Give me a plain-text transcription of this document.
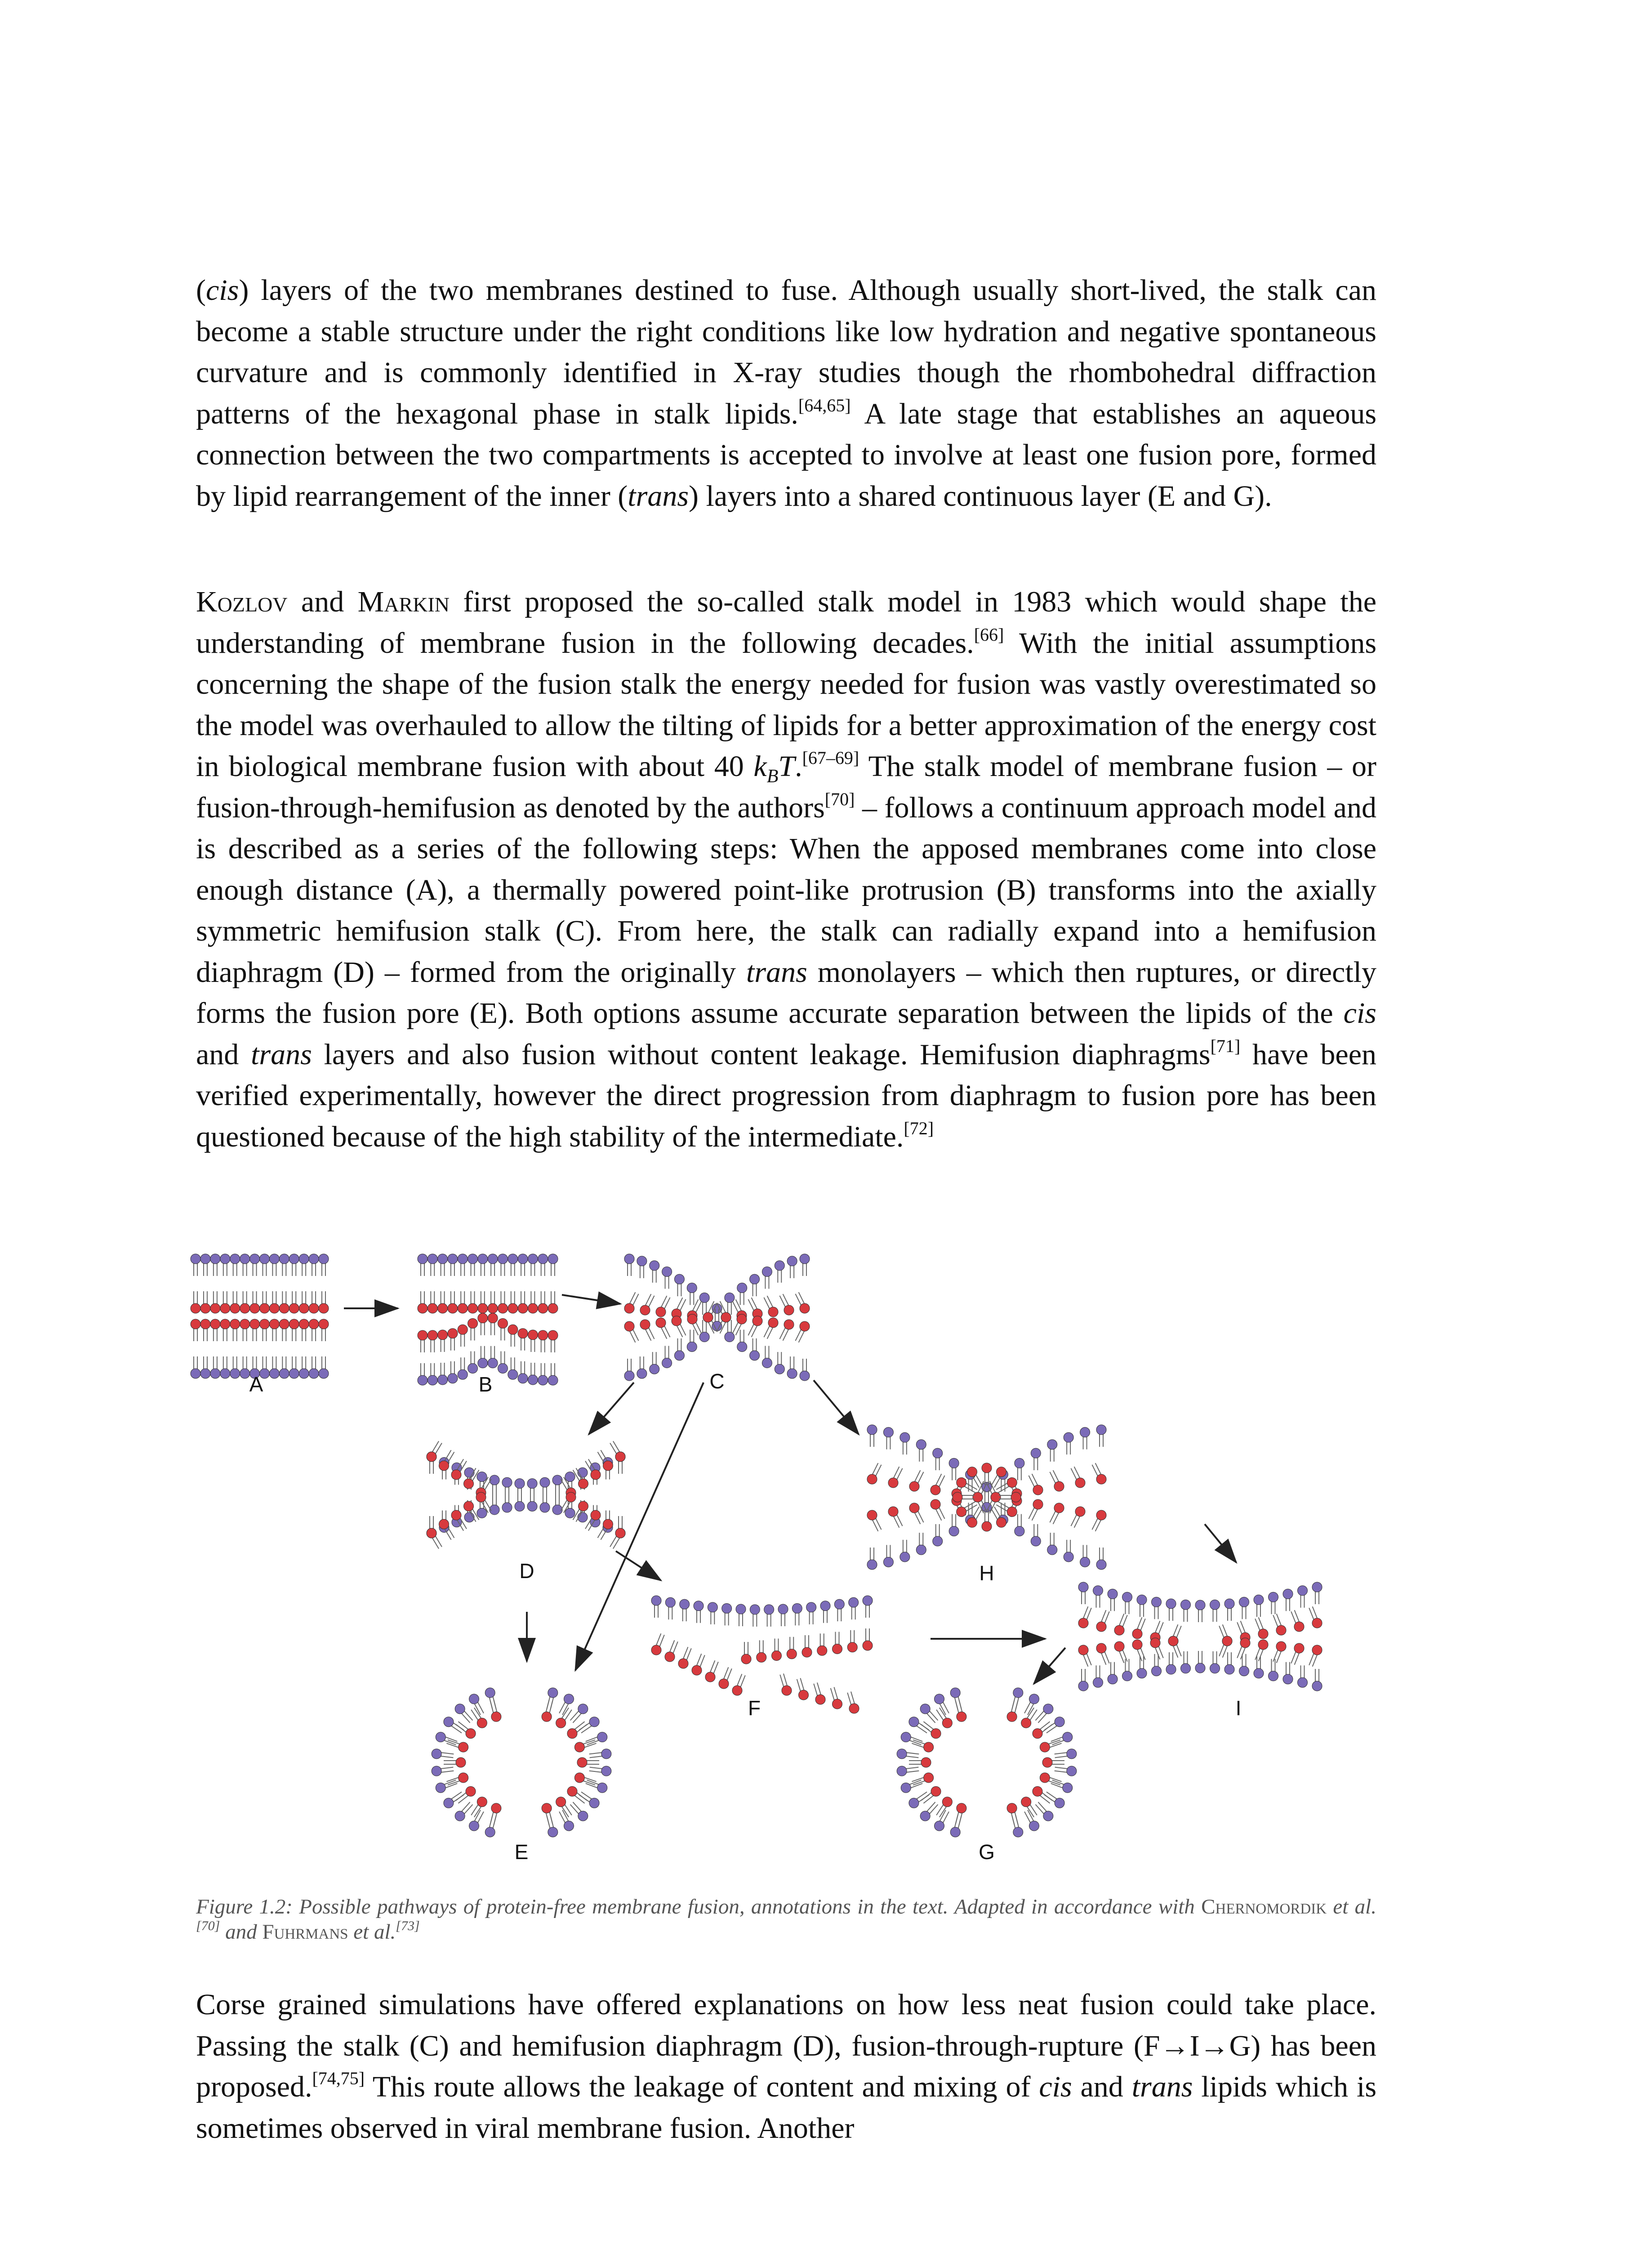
(cis) layers of the two membranes destined to fuse. Although usually short-lived, the stalk can become a stable structure under the right conditions like low hydration and negative spontaneous curvature and is commonly identified in X-ray studies though the rhombohedral diffraction patterns of the hexagonal phase in stalk lipids.[64,65] A late stage that establishes an aqueous connection between the two compartments is accepted to involve at least one fusion pore, formed by lipid rearrangement of the inner (trans) layers into a shared continuous layer (E and G).

Kozlov and Markin first proposed the so-called stalk model in 1983 which would shape the understanding of membrane fusion in the following decades.[66] With the initial assumptions concerning the shape of the fusion stalk the energy needed for fusion was vastly overestimated so the model was overhauled to allow the tilting of lipids for a better approximation of the energy cost in biological membrane fusion with about 40 $k_BT.[67-69]$ The stalk model of membrane fusion – or fusion-through-hemifusion as denoted by the authors[70] – follows a continuum approach model and is described as a series of the following steps: When the apposed membranes come into close enough distance (A), a thermally powered point-like protrusion (B) transforms into the axially symmetric hemifusion stalk (C). From here, the stalk can radially expand into a hemifusion diaphragm (D) – formed from the originally trans monolayers – which then ruptures, or directly forms the fusion pore (E). Both options assume accurate separation between the lipids of the cis and trans layers and also fusion without content leakage. Hemifusion diaphragms[71] have been verified experimentally, however the direct progression from diaphragm to fusion pore has been questioned because of the high stability of the intermediate.[72]

A	B	C
D	H
F	I
E	G

Figure 1.2: Possible pathways of protein-free membrane fusion, annotations in the text. Adapted in accordance with Chernomordik et al.[70] and Fuhrmans et al.[73]

Corse grained simulations have offered explanations on how less neat fusion could take place. Passing the stalk (C) and hemifusion diaphragm (D), fusion-through-rupture (F→I→G) has been proposed.[74,75] This route allows the leakage of content and mixing of cis and trans lipids which is sometimes observed in viral membrane fusion. Another
